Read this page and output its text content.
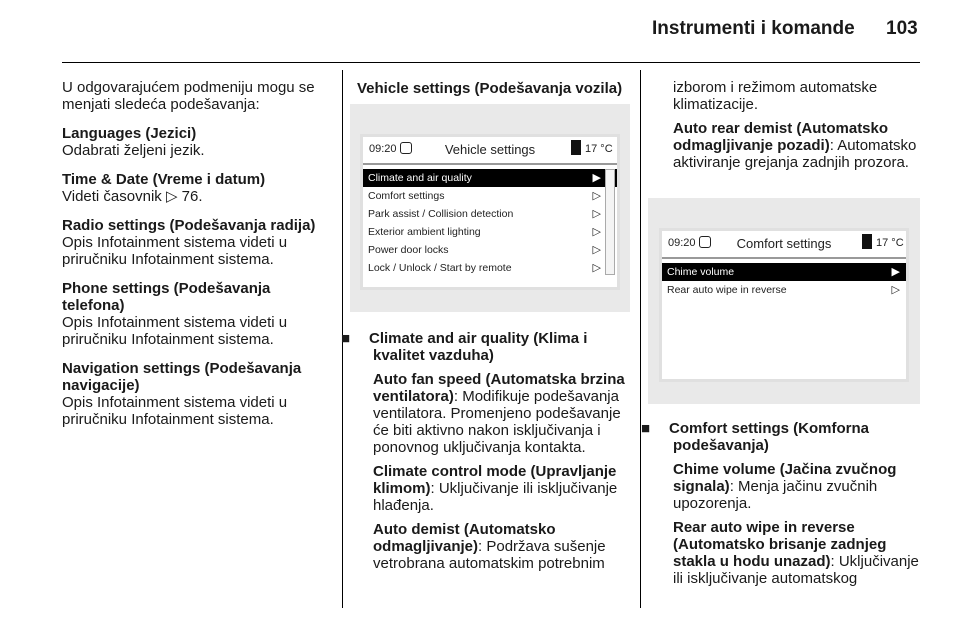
Instrumenti i komande 103

U odgovarajućem podmeniju mogu se menjati sledeća podešavanja:

Languages (Jezici)

Odabrati željeni jezik.

Time & Date (Vreme i datum)

Videti časovnik ▷ 76.

Radio settings (Podešavanja radija)

Opis Infotainment sistema videti u priručniku Infotainment sistema.

Phone settings (Podešavanja telefona)

Opis Infotainment sistema videti u priručniku Infotainment sistema.

Navigation settings (Podešavanja navigacije)

Opis Infotainment sistema videti u priručniku Infotainment sistema.

Vehicle settings (Podešavanja vozila)

09:20	Vehicle settings	17 °C
Climate and air quality	▶
Comfort settings	▷
Park assist / Collision detection	▷
Exterior ambient lighting	▷
Power door locks	▷
Lock / Unlock / Start by remote	▷

■ Climate and air quality (Klima i kvalitet vazduha)

Auto fan speed (Automatska brzina ventilatora): Modifikuje podešavanja ventilatora. Promenjeno podešavanje će biti aktivno nakon isključivanja i ponovnog uključivanja kontakta.

Climate control mode (Upravljanje klimom): Uključivanje ili isključivanje hlađenja.

Auto demist (Automatsko odmagljivanje): Podržava sušenje vetrobrana automatskim potrebnim

izborom i režimom automatske klimatizacije.

Auto rear demist (Automatsko odmagljivanje pozadi): Automatsko aktiviranje grejanja zadnjih prozora.

09:20	Comfort settings	17 °C
Chime volume	▶
Rear auto wipe in reverse	▷

■ Comfort settings (Komforna podešavanja)

Chime volume (Jačina zvučnog signala): Menja jačinu zvučnih upozorenja.

Rear auto wipe in reverse (Automatsko brisanje zadnjeg stakla u hodu unazad): Uključivanje ili isključivanje automatskog
